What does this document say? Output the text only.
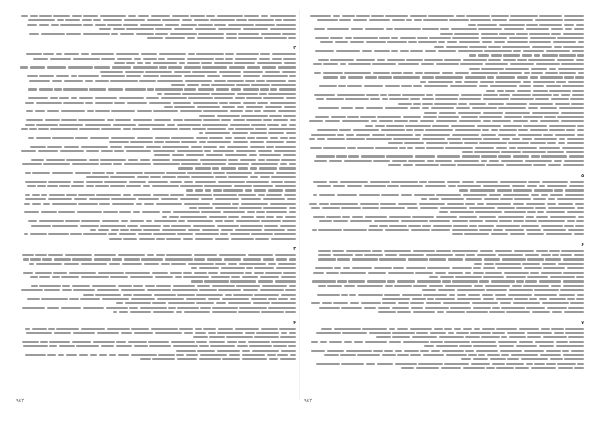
٢
٣
۴
۵
۶
٧
٩٤٢	٩٤٢
